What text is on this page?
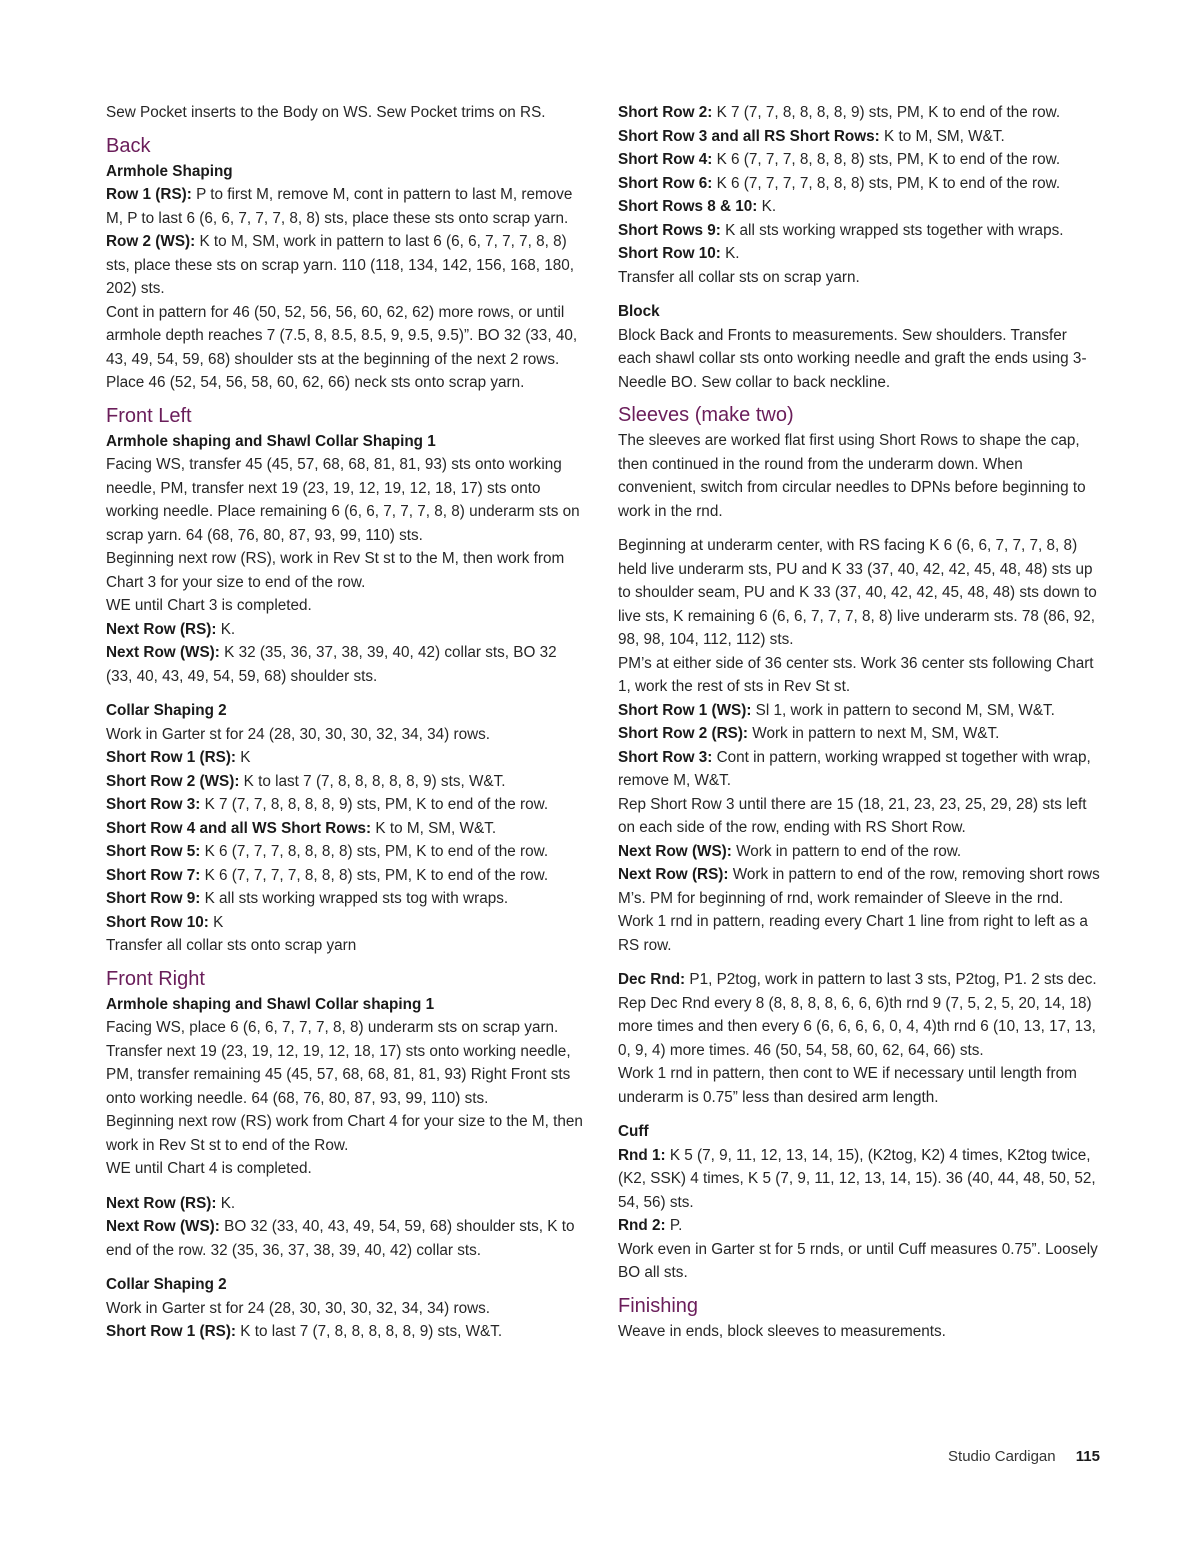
Sew Pocket inserts to the Body on WS. Sew Pocket trims on RS.

Back
Armhole Shaping

Row 1 (RS): P to first M, remove M, cont in pattern to last M, remove M, P to last 6 (6, 6, 7, 7, 7, 8, 8) sts, place these sts onto scrap yarn.

Row 2 (WS): K to M, SM, work in pattern to last 6 (6, 6, 7, 7, 7, 8, 8) sts, place these sts on scrap yarn. 110 (118, 134, 142, 156, 168, 180, 202) sts.

Cont in pattern for 46 (50, 52, 56, 56, 60, 62, 62) more rows, or until armhole depth reaches 7 (7.5, 8, 8.5, 8.5, 9, 9.5, 9.5)”. BO 32 (33, 40, 43, 49, 54, 59, 68) shoulder sts at the beginning of the next 2 rows.

Place 46 (52, 54, 56, 58, 60, 62, 66) neck sts onto scrap yarn.

Front Left
Armhole shaping and Shawl Collar Shaping 1

Facing WS, transfer 45 (45, 57, 68, 68, 81, 81, 93) sts onto working needle, PM, transfer next 19 (23, 19, 12, 19, 12, 18, 17) sts onto working needle. Place remaining 6 (6, 6, 7, 7, 7, 8, 8) underarm sts on scrap yarn. 64 (68, 76, 80, 87, 93, 99, 110) sts.

Beginning next row (RS), work in Rev St st to the M, then work from Chart 3 for your size to end of the row.

WE until Chart 3 is completed.

Next Row (RS): K.

Next Row (WS): K 32 (35, 36, 37, 38, 39, 40, 42) collar sts, BO 32 (33, 40, 43, 49, 54, 59, 68) shoulder sts.

Collar Shaping 2

Work in Garter st for 24 (28, 30, 30, 30, 32, 34, 34) rows.

Short Row 1 (RS): K

Short Row 2 (WS): K to last 7 (7, 8, 8, 8, 8, 8, 9) sts, W&T.

Short Row 3: K 7 (7, 7, 8, 8, 8, 8, 9) sts, PM, K to end of the row.

Short Row 4 and all WS Short Rows: K to M, SM, W&T.

Short Row 5: K 6 (7, 7, 7, 8, 8, 8, 8) sts, PM, K to end of the row.

Short Row 7: K 6 (7, 7, 7, 7, 8, 8, 8) sts, PM, K to end of the row.

Short Row 9: K all sts working wrapped sts tog with wraps.

Short Row 10: K

Transfer all collar sts onto scrap yarn

Front Right
Armhole shaping and Shawl Collar shaping 1

Facing WS, place 6 (6, 6, 7, 7, 7, 8, 8) underarm sts on scrap yarn. Transfer next 19 (23, 19, 12, 19, 12, 18, 17) sts onto working needle, PM, transfer remaining 45 (45, 57, 68, 68, 81, 81, 93) Right Front sts onto working needle. 64 (68, 76, 80, 87, 93, 99, 110) sts.

Beginning next row (RS) work from Chart 4 for your size to the M, then work in Rev St st to end of the Row.

WE until Chart 4 is completed.

Next Row (RS): K.

Next Row (WS): BO 32 (33, 40, 43, 49, 54, 59, 68) shoulder sts, K to end of the row. 32 (35, 36, 37, 38, 39, 40, 42) collar sts.

Collar Shaping 2

Work in Garter st for 24 (28, 30, 30, 30, 32, 34, 34) rows.

Short Row 1 (RS): K to last 7 (7, 8, 8, 8, 8, 8, 9) sts, W&T.

Short Row 2: K 7 (7, 7, 8, 8, 8, 8, 9) sts, PM, K to end of the row.

Short Row 3 and all RS Short Rows: K to M, SM, W&T.

Short Row 4: K 6 (7, 7, 7, 8, 8, 8, 8) sts, PM, K to end of the row.

Short Row 6: K 6 (7, 7, 7, 7, 8, 8, 8) sts, PM, K to end of the row.

Short Rows 8 & 10: K.

Short Rows 9: K all sts working wrapped sts together with wraps.

Short Row 10: K.

Transfer all collar sts on scrap yarn.

Block

Block Back and Fronts to measurements. Sew shoulders. Transfer each shawl collar sts onto working needle and graft the ends using 3-Needle BO. Sew collar to back neckline.

Sleeves (make two)

The sleeves are worked flat first using Short Rows to shape the cap, then continued in the round from the underarm down. When convenient, switch from circular needles to DPNs before beginning to work in the rnd.

Beginning at underarm center, with RS facing K 6 (6, 6, 7, 7, 7, 8, 8) held live underarm sts, PU and K 33 (37, 40, 42, 42, 45, 48, 48) sts up to shoulder seam, PU and K 33 (37, 40, 42, 42, 45, 48, 48) sts down to live sts, K remaining 6 (6, 6, 7, 7, 7, 8, 8) live underarm sts. 78 (86, 92, 98, 98, 104, 112, 112) sts.

PM’s at either side of 36 center sts. Work 36 center sts following Chart 1, work the rest of sts in Rev St st.

Short Row 1 (WS): Sl 1, work in pattern to second M, SM, W&T.

Short Row 2 (RS): Work in pattern to next M, SM, W&T.

Short Row 3: Cont in pattern, working wrapped st together with wrap, remove M, W&T.

Rep Short Row 3 until there are 15 (18, 21, 23, 23, 25, 29, 28) sts left on each side of the row, ending with RS Short Row.

Next Row (WS): Work in pattern to end of the row.

Next Row (RS): Work in pattern to end of the row, removing short rows M’s. PM for beginning of rnd, work remainder of Sleeve in the rnd.

Work 1 rnd in pattern, reading every Chart 1 line from right to left as a RS row.

Dec Rnd: P1, P2tog, work in pattern to last 3 sts, P2tog, P1. 2 sts dec.

Rep Dec Rnd every 8 (8, 8, 8, 8, 6, 6, 6)th rnd 9 (7, 5, 2, 5, 20, 14, 18) more times and then every 6 (6, 6, 6, 6, 0, 4, 4)th rnd 6 (10, 13, 17, 13, 0, 9, 4) more times. 46 (50, 54, 58, 60, 62, 64, 66) sts.

Work 1 rnd in pattern, then cont to WE if necessary until length from underarm is 0.75” less than desired arm length.

Cuff

Rnd 1: K 5 (7, 9, 11, 12, 13, 14, 15), (K2tog, K2) 4 times, K2tog twice, (K2, SSK) 4 times, K 5 (7, 9, 11, 12, 13, 14, 15). 36 (40, 44, 48, 50, 52, 54, 56) sts.

Rnd 2: P.

Work even in Garter st for 5 rnds, or until Cuff measures 0.75”. Loosely BO all sts.

Finishing

Weave in ends, block sleeves to measurements.

Studio Cardigan 115
